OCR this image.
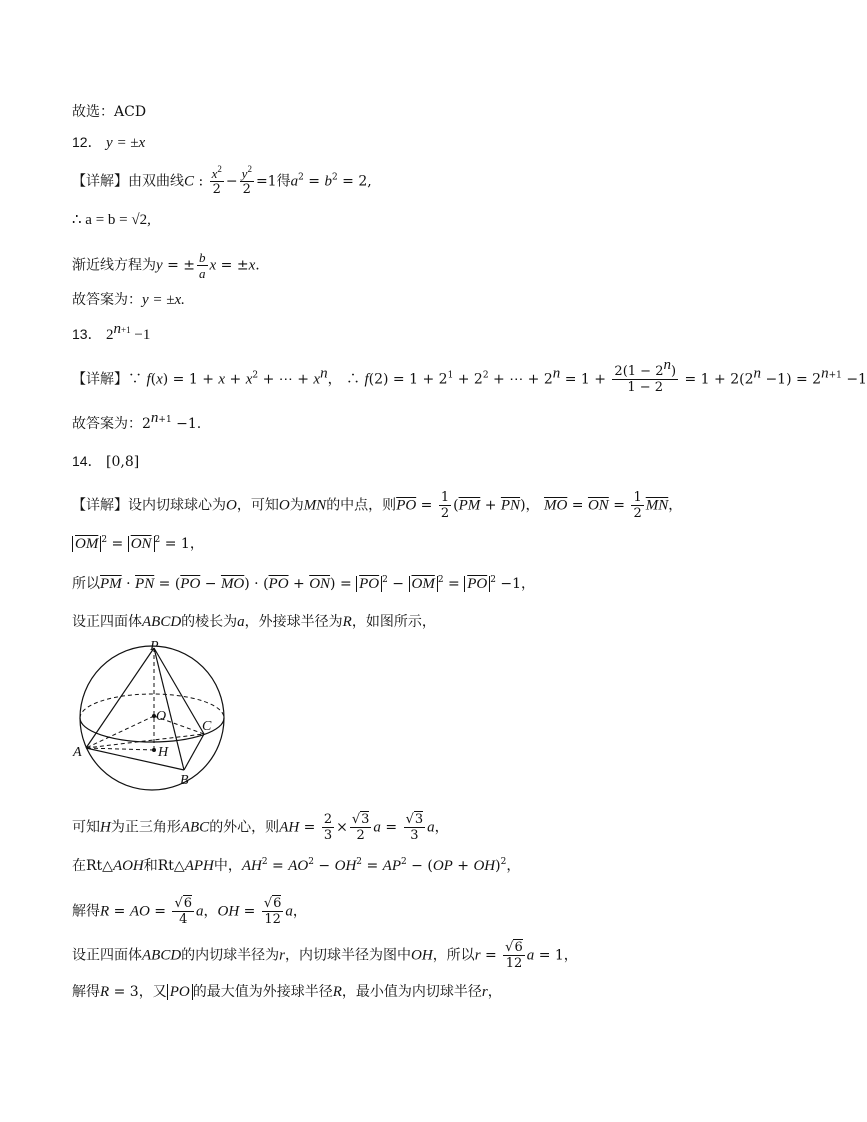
故选：ACD
12． y = ±x
【详解】由双曲线C : $\frac{x^2}{2} - \frac{y^2}{2} =1$得$a^2 = b^2 = 2$,
∴ a = b = √2,
渐近线方程为y = ± $\frac{b}{a}$ x = ±x.
故答案为：y = ±x.
13． $2^{n+1} -1$
【详解】∵ $f(x) = 1 + x + x^2$ + ⋯ + $x^n$， ∴ $f(2) = 1 + 2^1 + 2^2$ + ⋯ + $2^n = 1 + \frac{2(1 - 2^n)}{1 - 2} = 1 + 2(2^n -1) = 2^{n+1} -1$
故答案为：$2^{n+1} -1$.
14． [0,8]
【详解】设内切球球心为O，可知O为MN的中点，则$\overline{PO} = \frac{1}{2} (\overline{PM} + \overline{PN})$， $\overline{MO} = \overline{ON} = \frac{1}{2} \overline{MN}$，
$\overline{OM}$ $^2 = \overline{ON}$ $^2$ = 1，
所以$\overline{PM} \cdot \overline{PN} = (\overline{PO} - \overline{MO}) \cdot (\overline{PO} + \overline{ON}) = \overline{PO}$ $^2 - \overline{OM}$ $^2 = \overline{PO}$ $^2$ −1，
设正四面体ABCD的棱长为a，外接球半径为R，如图所示，
P
O
C
A	H
B
可知H为正三角形ABC的外心，则AH = $\frac{2}{3} \times \frac{√3}{2}$ $a = \frac{√3}{3}$ a，
在Rt△AOH和Rt△APH中，$AH^2 = AO^2 - OH^2 = AP^2 - (OP + OH)^2$，
解得R = AO = $\frac{√6}{4}$ a，OH = $\frac{√6}{12}$ a，
设正四面体ABCD的内切球半径为r，内切球半径为图中OH，所以$r = \frac{√6}{12}$ a = 1，
解得R = 3，又 PO 的最大值为外接球半径R，最小值为内切球半径r，
